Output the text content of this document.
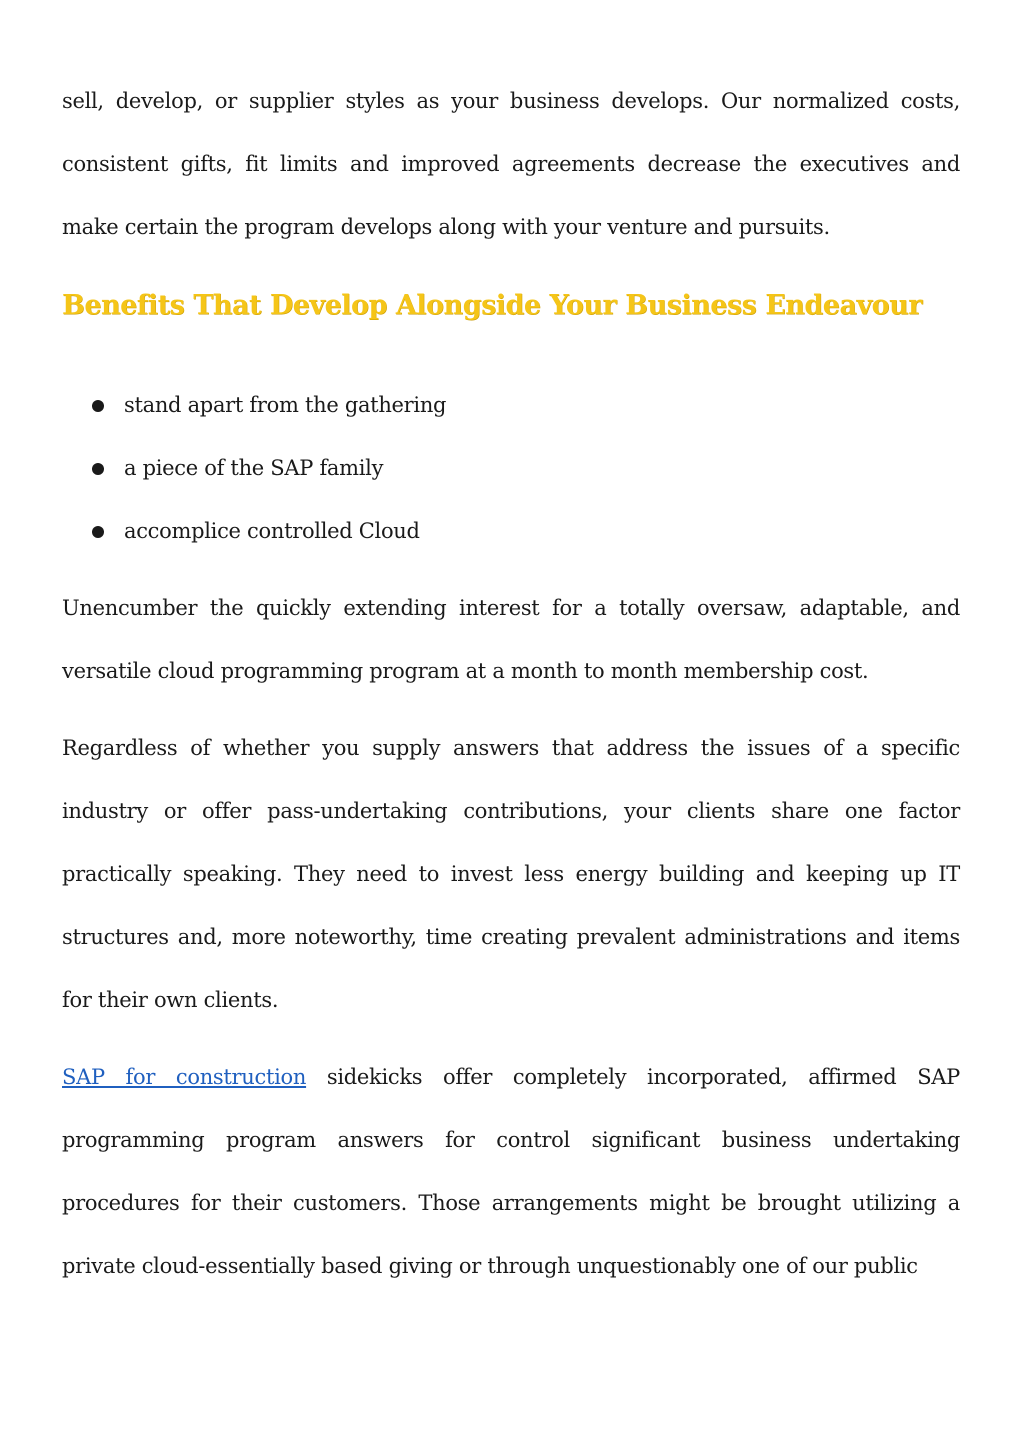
sell, develop, or supplier styles as your business develops. Our normalized costs, consistent gifts, fit limits and improved agreements decrease the executives and make certain the program develops along with your venture and pursuits.

Benefits That Develop Alongside Your Business Endeavour
stand apart from the gathering
a piece of the SAP family
accomplice controlled Cloud

Unencumber the quickly extending interest for a totally oversaw, adaptable, and versatile cloud programming program at a month to month membership cost.

Regardless of whether you supply answers that address the issues of a specific industry or offer pass-undertaking contributions, your clients share one factor practically speaking. They need to invest less energy building and keeping up IT structures and, more noteworthy, time creating prevalent administrations and items for their own clients.

SAP for construction sidekicks offer completely incorporated, affirmed SAP programming program answers for control significant business undertaking procedures for their customers. Those arrangements might be brought utilizing a private cloud-essentially based giving or through unquestionably one of our public
